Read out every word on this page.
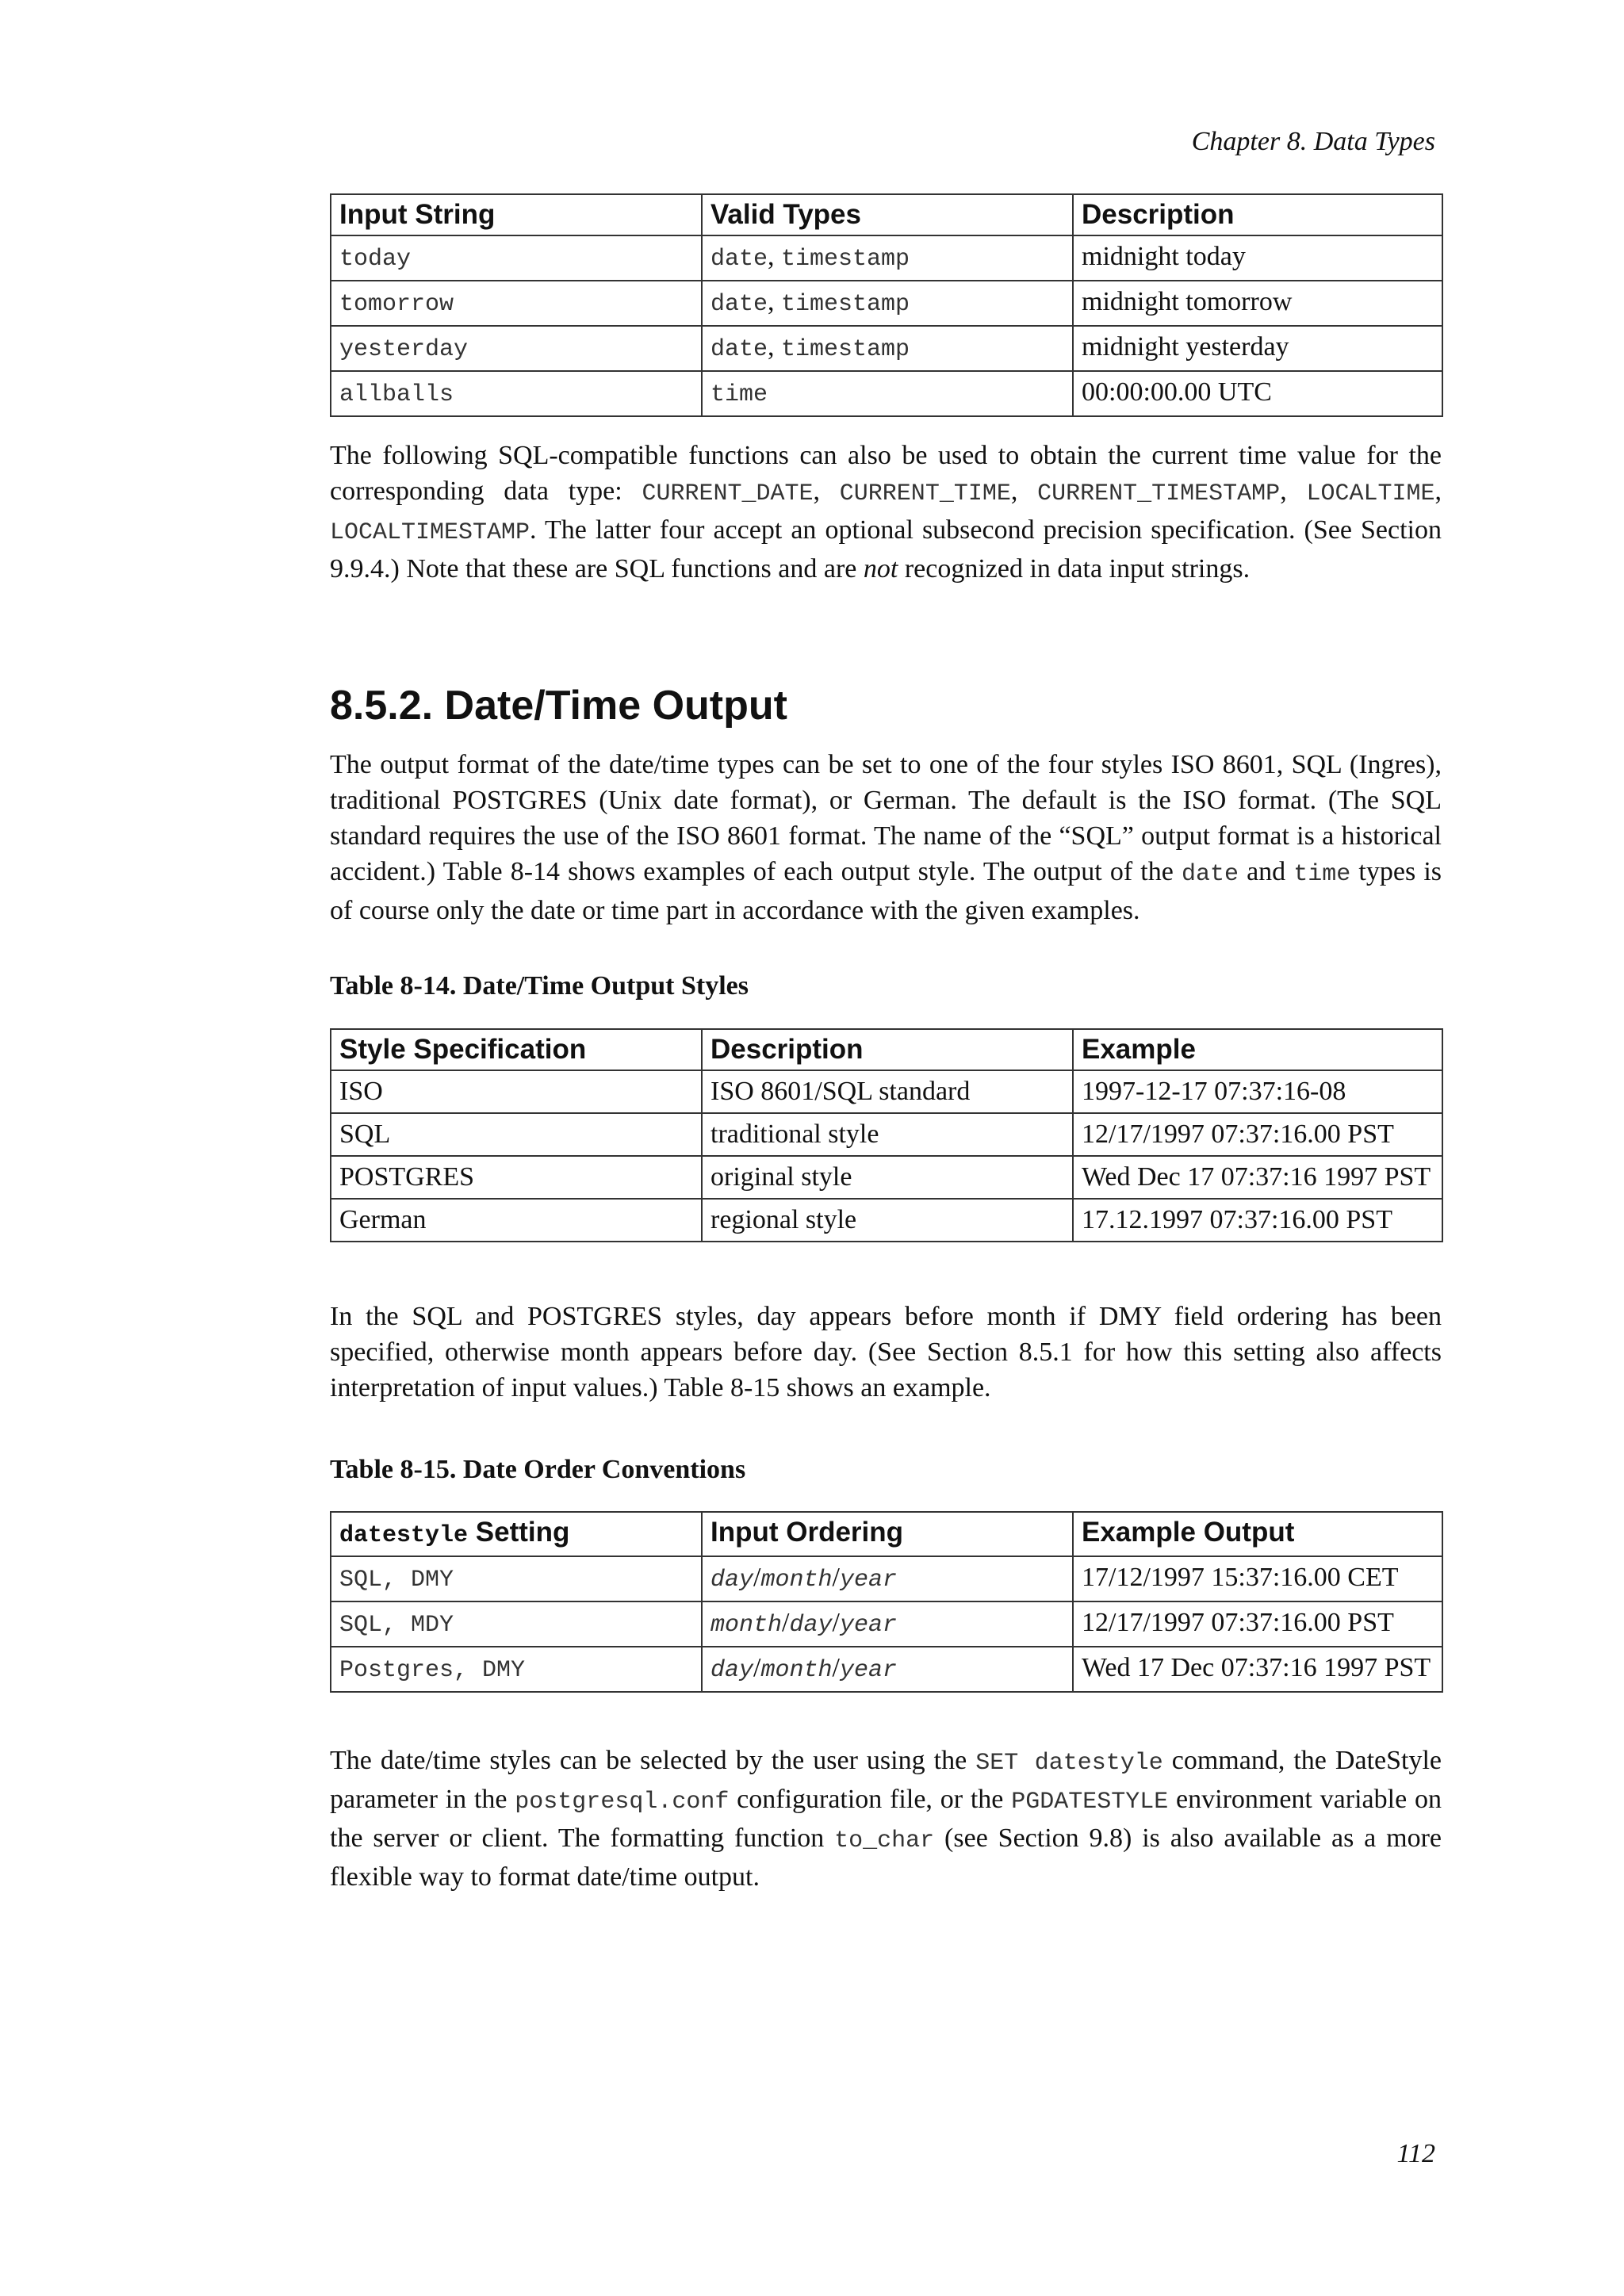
Chapter 8. Data Types
Input String	Valid Types	Description
today	date, timestamp	midnight today
tomorrow	date, timestamp	midnight tomorrow
yesterday	date, timestamp	midnight yesterday
allballs	time	00:00:00.00 UTC

The following SQL-compatible functions can also be used to obtain the current time value for the corresponding data type: CURRENT_DATE, CURRENT_TIME, CURRENT_TIMESTAMP, LOCALTIME, LOCALTIMESTAMP. The latter four accept an optional subsecond precision specification. (See Section 9.9.4.) Note that these are SQL functions and are not recognized in data input strings.

8.5.2. Date/Time Output

The output format of the date/time types can be set to one of the four styles ISO 8601, SQL (Ingres), traditional POSTGRES (Unix date format), or German. The default is the ISO format. (The SQL standard requires the use of the ISO 8601 format. The name of the “SQL” output format is a historical accident.) Table 8-14 shows examples of each output style. The output of the date and time types is of course only the date or time part in accordance with the given examples.

Table 8-14. Date/Time Output Styles
Style Specification	Description	Example
ISO	ISO 8601/SQL standard	1997-12-17 07:37:16-08
SQL	traditional style	12/17/1997 07:37:16.00 PST
POSTGRES	original style	Wed Dec 17 07:37:16 1997 PST
German	regional style	17.12.1997 07:37:16.00 PST

In the SQL and POSTGRES styles, day appears before month if DMY field ordering has been specified, otherwise month appears before day. (See Section 8.5.1 for how this setting also affects interpretation of input values.) Table 8-15 shows an example.

Table 8-15. Date Order Conventions
datestyle Setting	Input Ordering	Example Output
SQL, DMY	day/month/year	17/12/1997 15:37:16.00 CET
SQL, MDY	month/day/year	12/17/1997 07:37:16.00 PST
Postgres, DMY	day/month/year	Wed 17 Dec 07:37:16 1997 PST

The date/time styles can be selected by the user using the SET datestyle command, the DateStyle parameter in the postgresql.conf configuration file, or the PGDATESTYLE environment variable on the server or client. The formatting function to_char (see Section 9.8) is also available as a more flexible way to format date/time output.

112
